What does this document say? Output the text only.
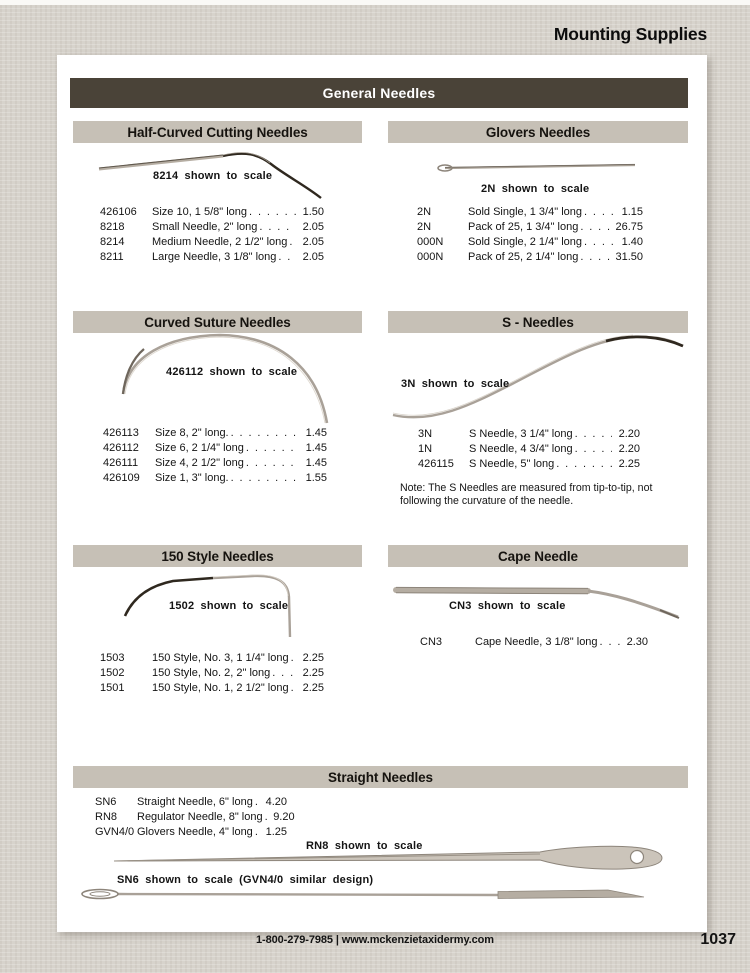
Mounting Supplies
General Needles
Half-Curved Cutting Needles	Glovers Needles
8214 shown to scale
2N shown to scale
426106	Size 10, 1 5/8" long . . .	1.50
8218	Small Needle, 2" long . . .	2.05
8214	Medium Needle, 2 1/2" long . . .	2.05
8211	Large Needle, 3 1/8" long . . .	2.05
2N	Sold Single, 1 3/4" long . . .	1.15
2N	Pack of 25, 1 3/4" long . . .	26.75
000N	Sold Single, 2 1/4" long . . .	1.40
000N	Pack of 25, 2 1/4" long . . .	31.50
Curved Suture Needles	S - Needles
426112 shown to scale
3N shown to scale
426113	Size 8, 2" long. . . .	1.45
426112	Size 6, 2 1/4" long . . .	1.45
426111	Size 4, 2 1/2" long . . .	1.45
426109	Size 1, 3" long. . . .	1.55
3N	S Needle, 3 1/4" long . . .	2.20
1N	S Needle, 4 3/4" long . . .	2.20
426115	S Needle, 5" long . . .	2.25
Note: The S Needles are measured from tip-to-tip, not following the curvature of the needle.
150 Style Needles	Cape Needle
1502 shown to scale	CN3 shown to scale
1503	150 Style, No. 3, 1 1/4" long . . .	2.25
1502	150 Style, No. 2, 2" long . . .	2.25
1501	150 Style, No. 1, 2 1/2" long . . .	2.25
CN3	Cape Needle, 3 1/8" long . . .	2.30
Straight Needles
SN6	Straight Needle, 6" long . . .	4.20
RN8	Regulator Needle, 8" long . . . 9.20
GVN4/0 Glovers Needle, 4" long . . .	1.25
RN8 shown to scale
SN6 shown to scale (GVN4/0 similar design)
1-800-279-7985 | www.mckenzietaxidermy.com	1037
